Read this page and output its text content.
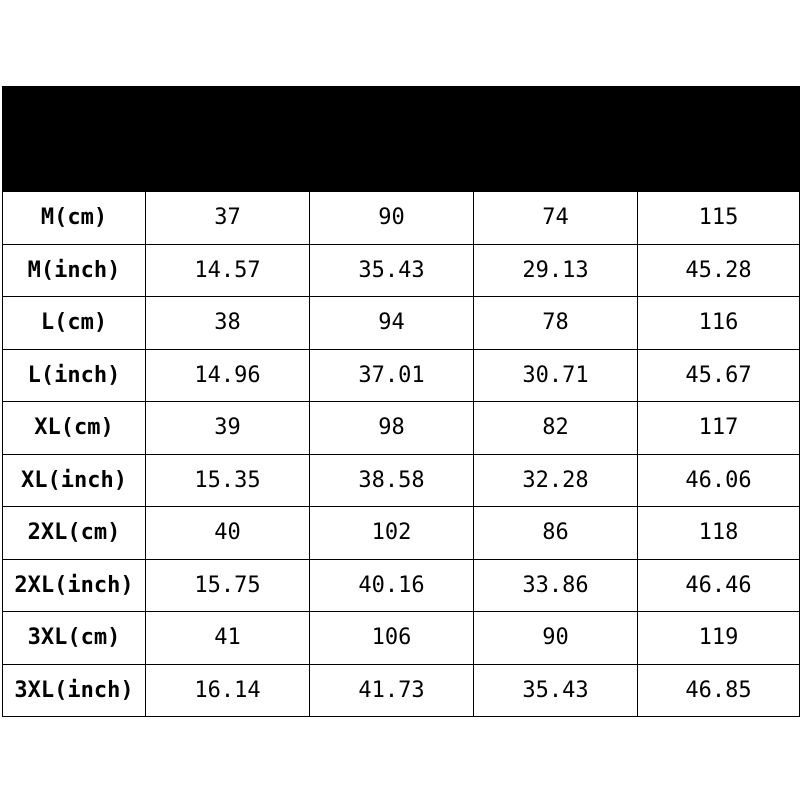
Size	Measurement			
	Shoulder	Bust	Waist	Length
M(cm)	37	90	74	115
M(inch)	14.57	35.43	29.13	45.28
L(cm)	38	94	78	116
L(inch)	14.96	37.01	30.71	45.67
XL(cm)	39	98	82	117
XL(inch)	15.35	38.58	32.28	46.06
2XL(cm)	40	102	86	118
2XL(inch)	15.75	40.16	33.86	46.46
3XL(cm)	41	106	90	119
3XL(inch)	16.14	41.73	35.43	46.85
